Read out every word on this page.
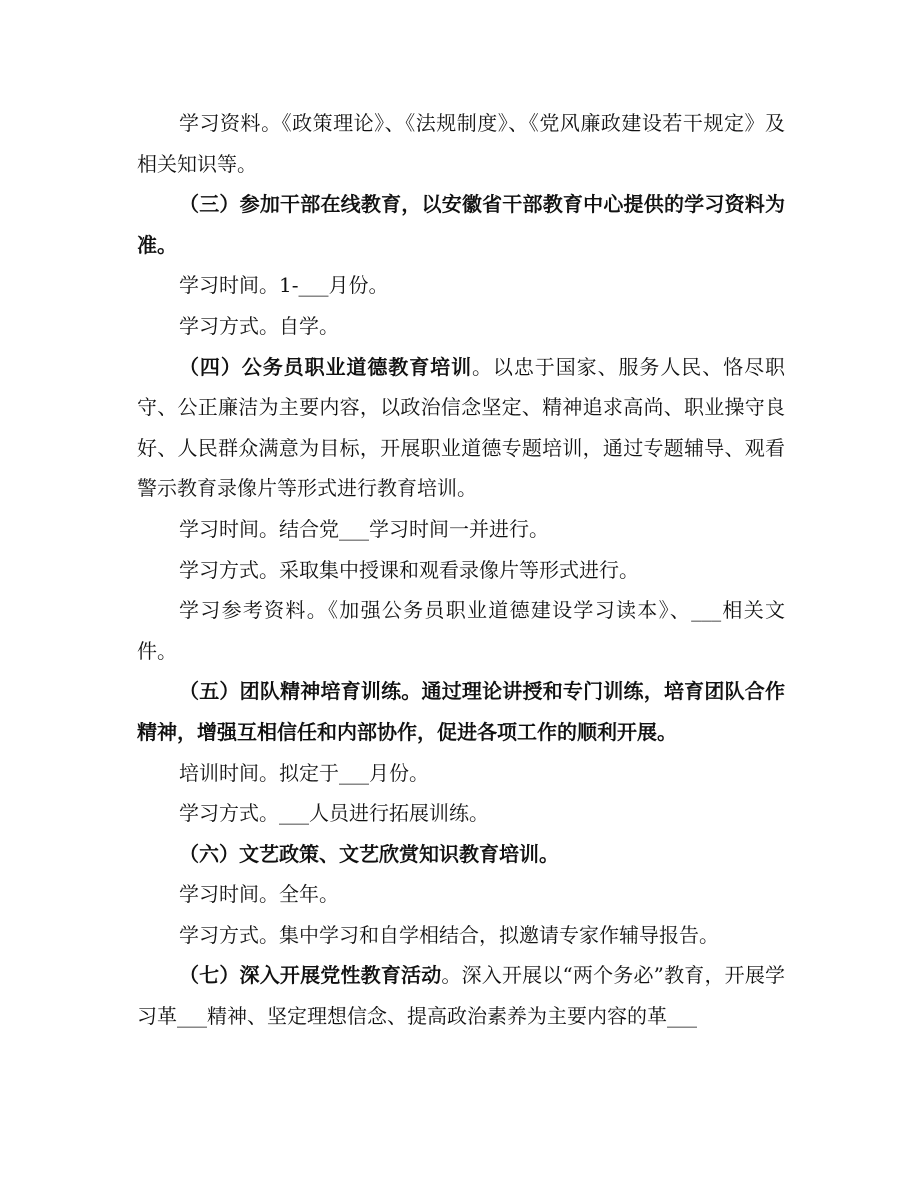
学习资料。《政策理论》、《法规制度》、《党风廉政建设若干规定》及相关知识等。

（三）参加干部在线教育，以安徽省干部教育中心提供的学习资料为准。

学习时间。1-___月份。

学习方式。自学。

（四）公务员职业道德教育培训。以忠于国家、服务人民、恪尽职守、公正廉洁为主要内容，以政治信念坚定、精神追求高尚、职业操守良好、人民群众满意为目标，开展职业道德专题培训，通过专题辅导、观看警示教育录像片等形式进行教育培训。

学习时间。结合党___学习时间一并进行。

学习方式。采取集中授课和观看录像片等形式进行。

学习参考资料。《加强公务员职业道德建设学习读本》、___相关文件。

（五）团队精神培育训练。通过理论讲授和专门训练，培育团队合作精神，增强互相信任和内部协作，促进各项工作的顺利开展。

培训时间。拟定于___月份。

学习方式。___人员进行拓展训练。

（六）文艺政策、文艺欣赏知识教育培训。

学习时间。全年。

学习方式。集中学习和自学相结合，拟邀请专家作辅导报告。

（七）深入开展党性教育活动。深入开展以“两个务必”教育，开展学习革___精神、坚定理想信念、提高政治素养为主要内容的革___
